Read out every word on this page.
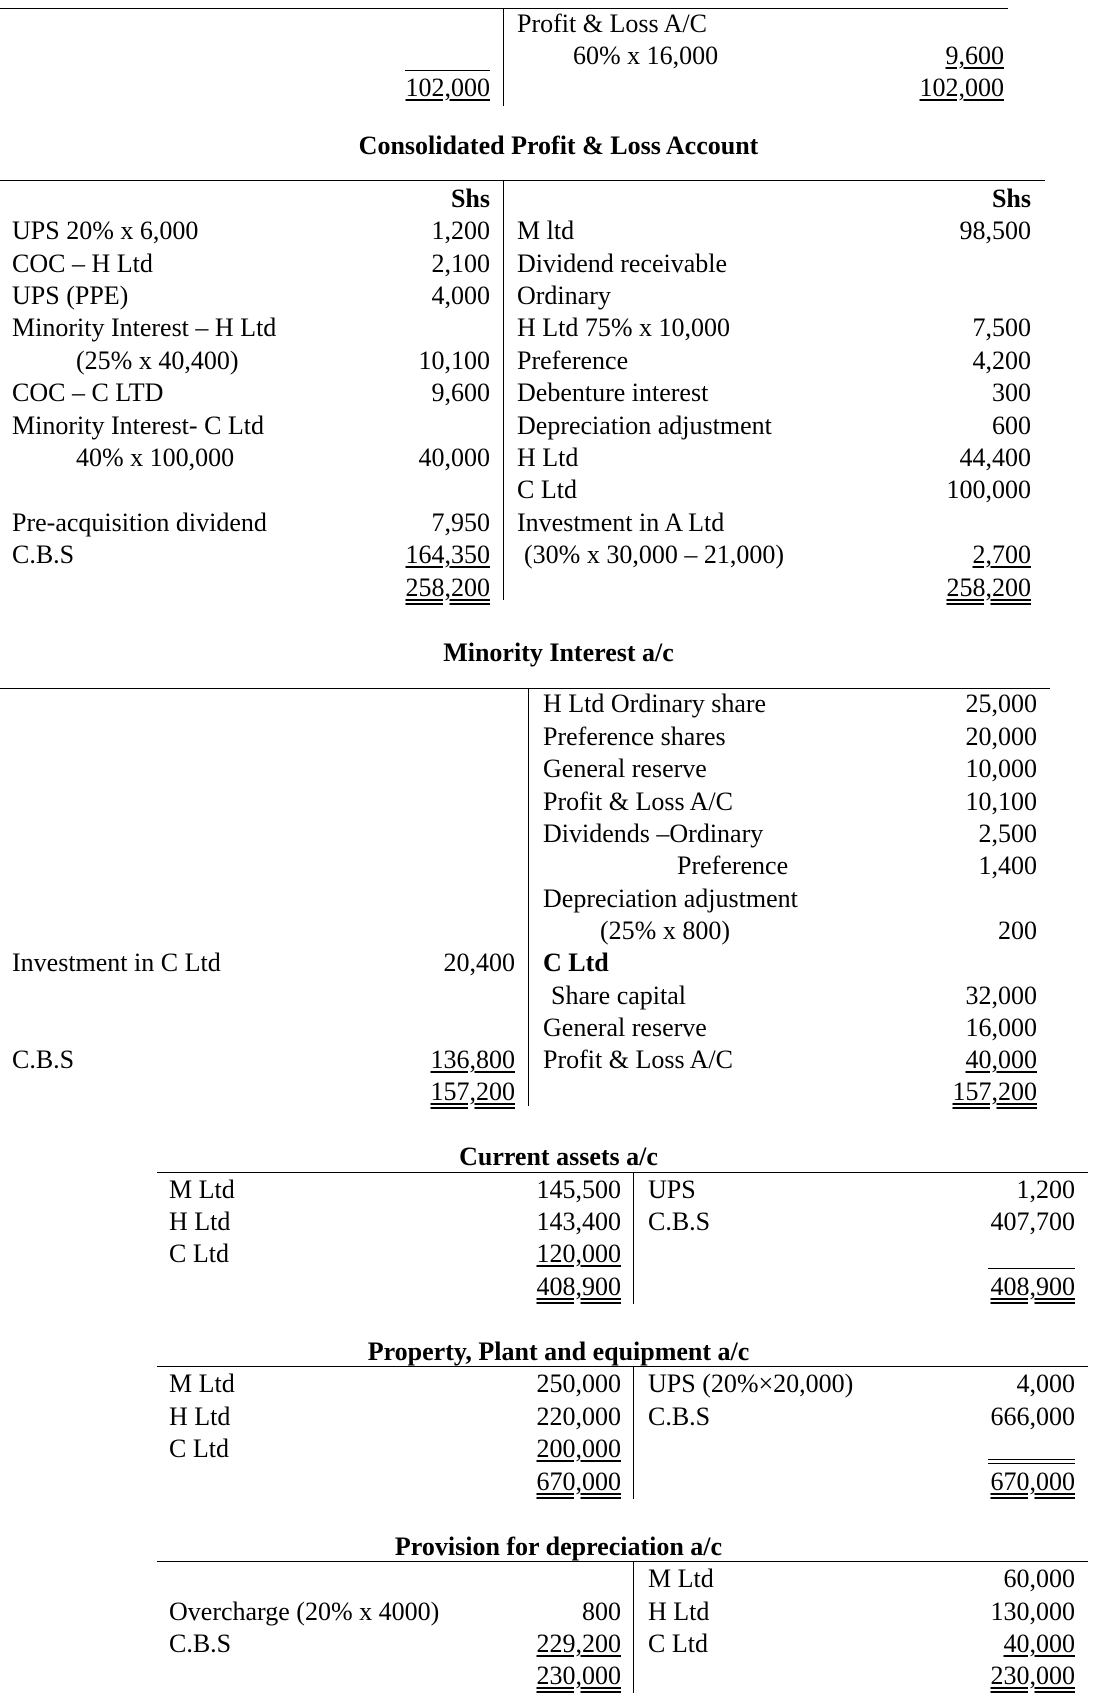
Profit & Loss A/C
60% x 16,000	9,600
102,000	102,000
Consolidated Profit & Loss Account
Shs	Shs
UPS 20% x 6,000	1,200
COC – H Ltd	2,100
UPS (PPE)	4,000
Minority Interest – H Ltd
(25% x 40,400)	10,100
COC – C LTD	9,600
Minority Interest- C Ltd
40% x 100,000	40,000
Pre-acquisition dividend	7,950
C.B.S	164,350
258,200
M ltd	98,500
Dividend receivable
Ordinary
H Ltd 75% x 10,000	7,500
Preference	4,200
Debenture interest	300
Depreciation adjustment	600
H Ltd	44,400
C Ltd	100,000
Investment in A Ltd
(30% x 30,000 – 21,000)	2,700
258,200
Minority Interest a/c
Investment in C Ltd	20,400
C.B.S	136,800
157,200
H Ltd Ordinary share	25,000
Preference shares	20,000
General reserve	10,000
Profit & Loss A/C	10,100
Dividends –Ordinary	2,500
Preference	1,400
Depreciation adjustment
(25% x 800)	200
C Ltd
Share capital	32,000
General reserve	16,000
Profit & Loss A/C	40,000
157,200
Current assets a/c
M Ltd	145,500
H Ltd	143,400
C Ltd	120,000
408,900
UPS	1,200
C.B.S	407,700
408,900
Property, Plant and equipment a/c
M Ltd	250,000
H Ltd	220,000
C Ltd	200,000
670,000
UPS (20%×20,000)	4,000
C.B.S	666,000
670,000
Provision for depreciation a/c
Overcharge (20% x 4000)	800
C.B.S	229,200
230,000
M Ltd	60,000
H Ltd	130,000
C Ltd	40,000
230,000
